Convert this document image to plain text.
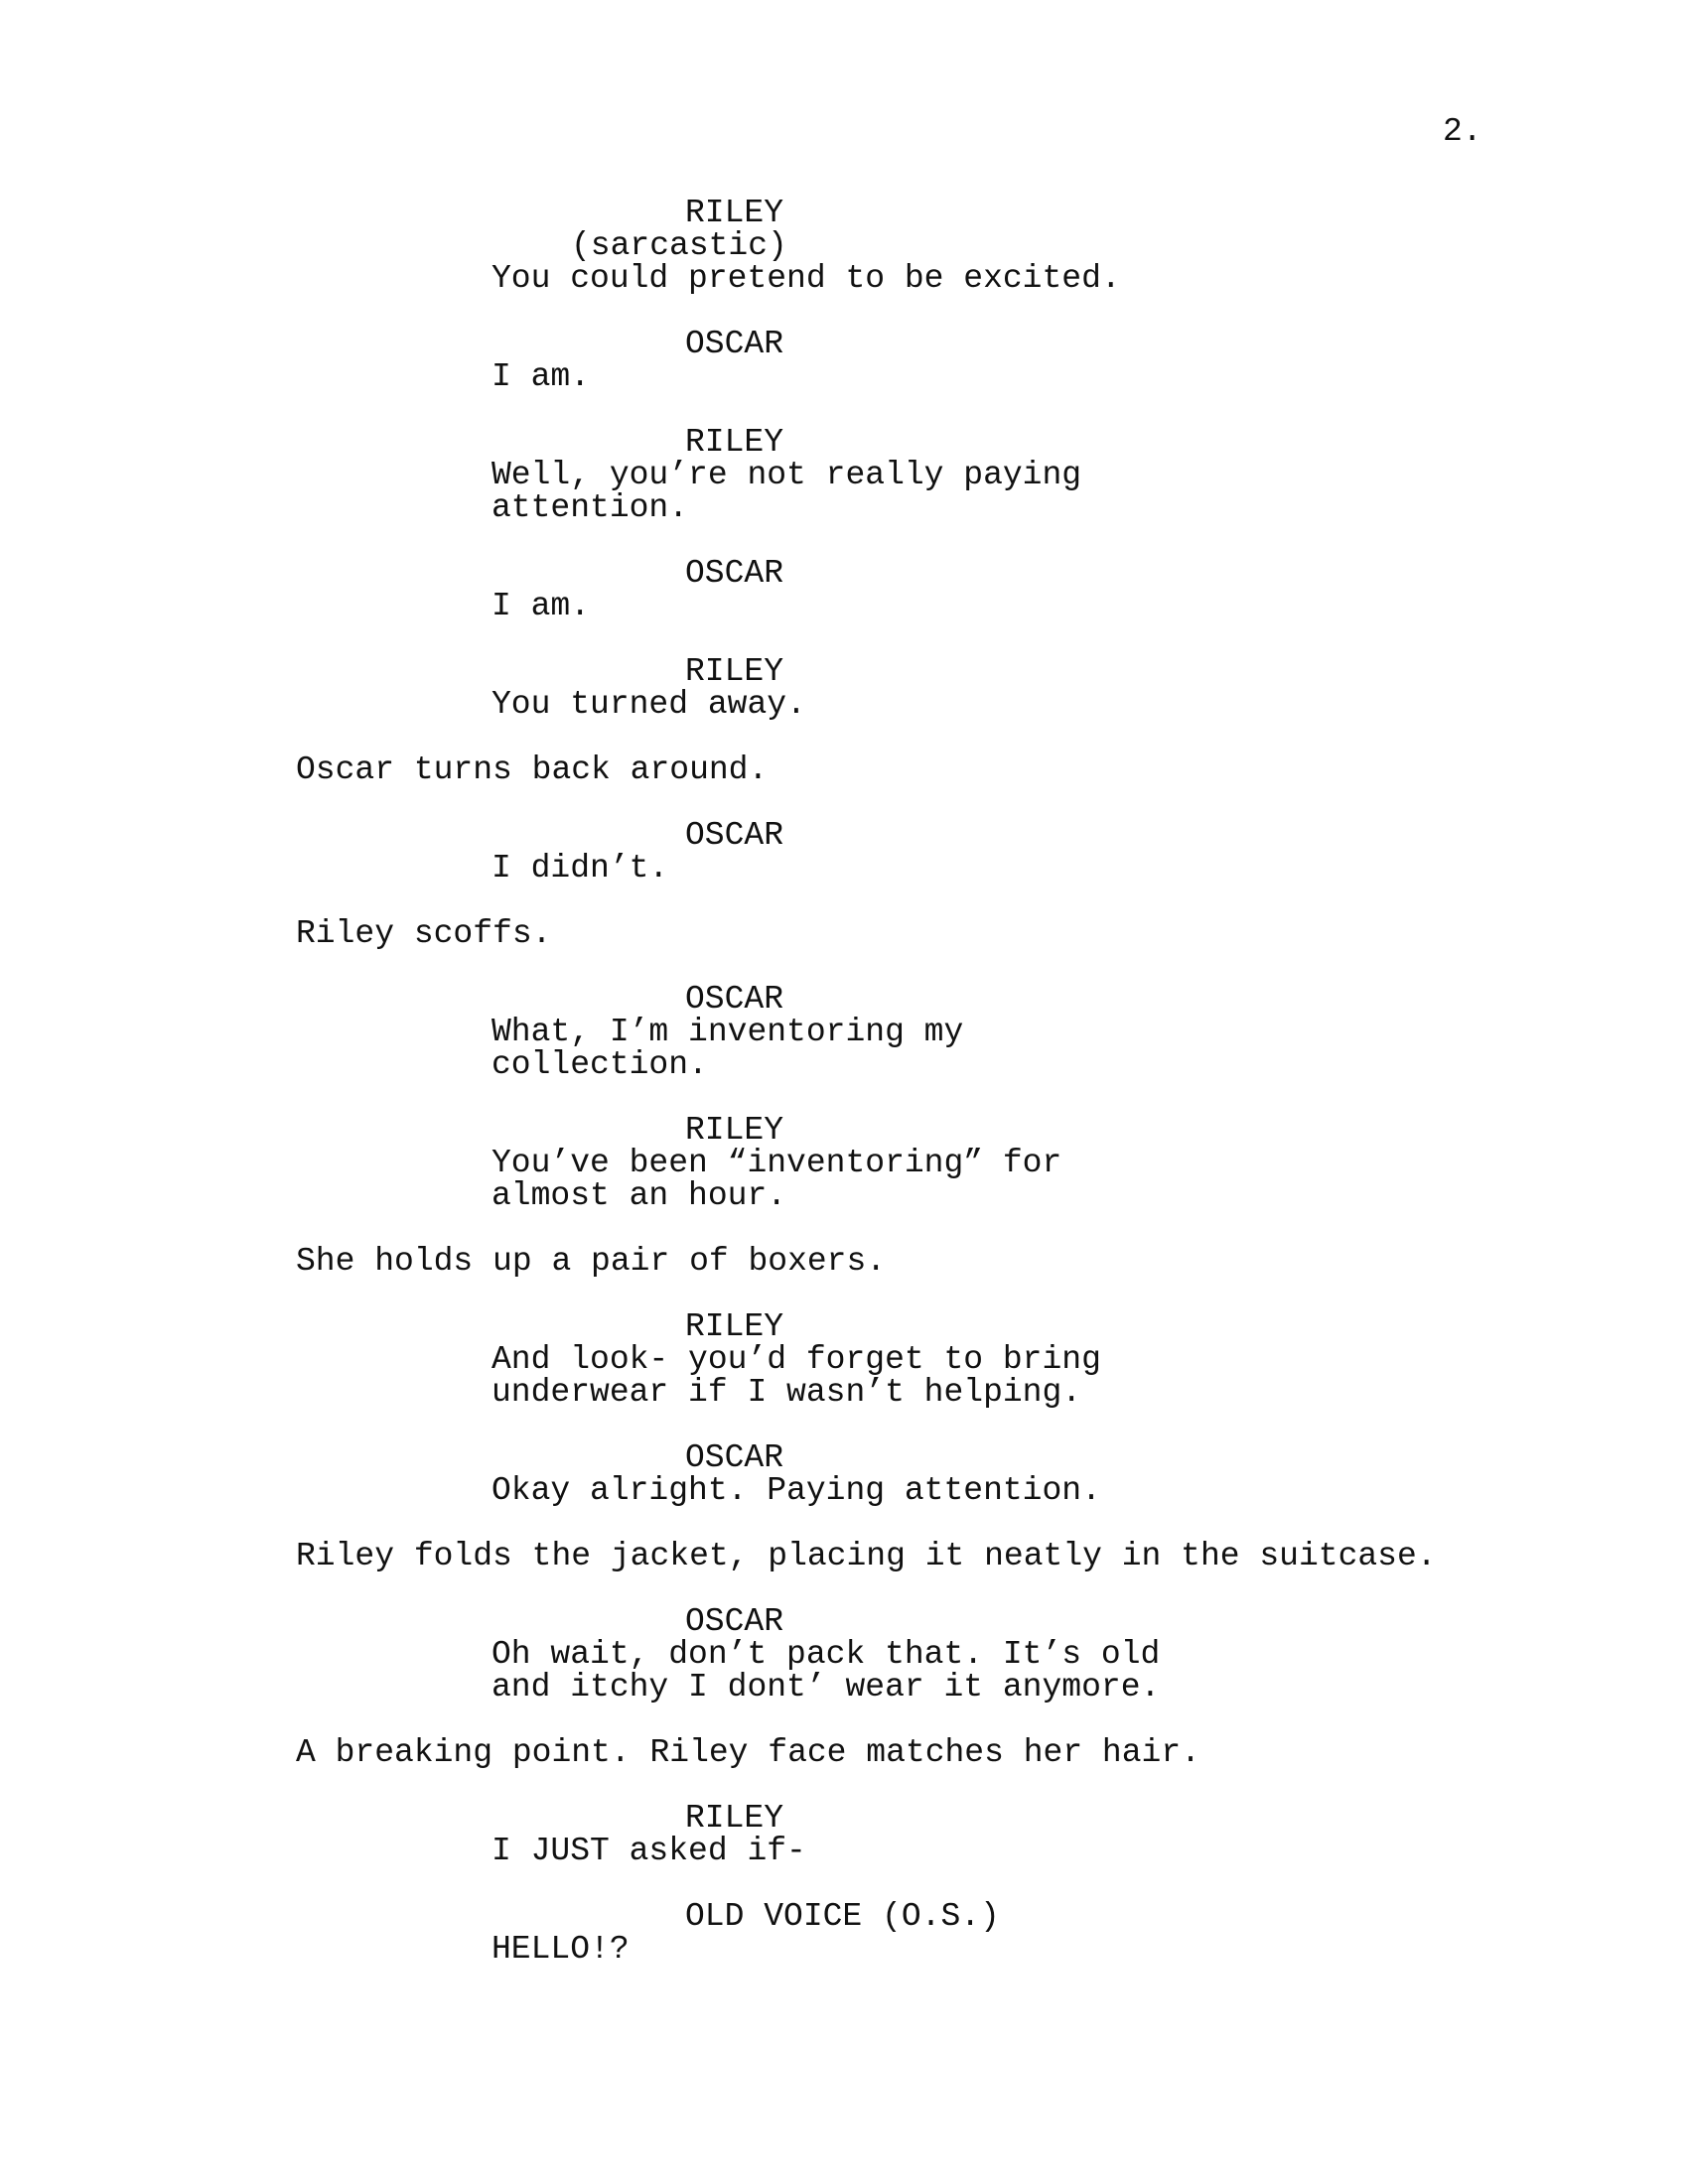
2.
RILEY
(sarcastic)
You could pretend to be excited.
OSCAR
I am.
RILEY
Well, you’re not really paying
attention.
OSCAR
I am.
RILEY
You turned away.
Oscar turns back around.
OSCAR
I didn’t.
Riley scoffs.
OSCAR
What, I’m inventoring my
collection.
RILEY
You’ve been “inventoring” for
almost an hour.
She holds up a pair of boxers.
RILEY
And look- you’d forget to bring
underwear if I wasn’t helping.
OSCAR
Okay alright. Paying attention.
Riley folds the jacket, placing it neatly in the suitcase.
OSCAR
Oh wait, don’t pack that. It’s old
and itchy I dont’ wear it anymore.
A breaking point. Riley face matches her hair.
RILEY
I JUST asked if-
OLD VOICE (O.S.)
HELLO!?
